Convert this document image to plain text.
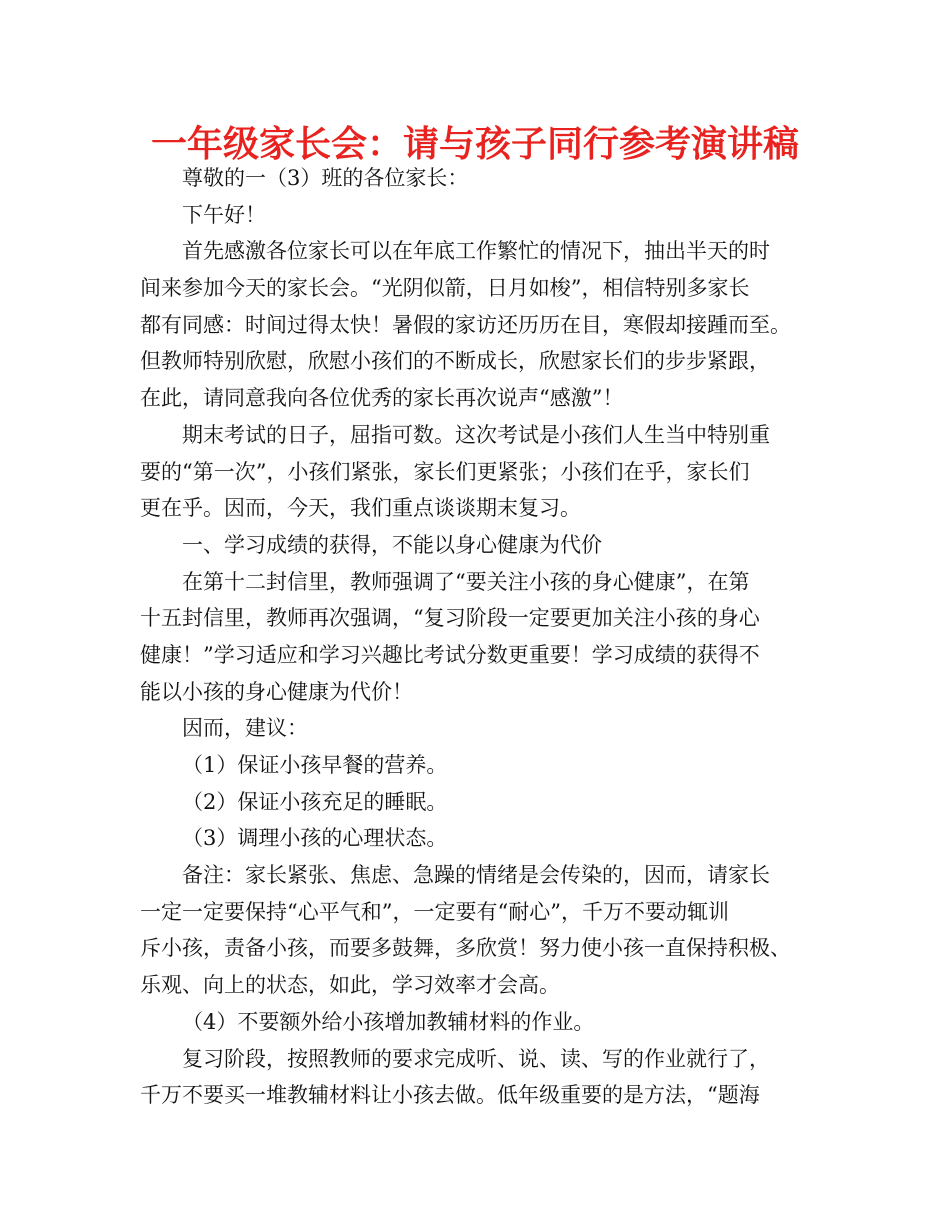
一年级家长会：请与孩子同行参考演讲稿
尊敬的一（3）班的各位家长：
下午好！
首先感激各位家长可以在年底工作繁忙的情况下，抽出半天的时
间来参加今天的家长会。“光阴似箭，日月如梭”，相信特别多家长
都有同感：时间过得太快！暑假的家访还历历在目，寒假却接踵而至。
但教师特别欣慰，欣慰小孩们的不断成长，欣慰家长们的步步紧跟，
在此，请同意我向各位优秀的家长再次说声“感激”！
期末考试的日子，屈指可数。这次考试是小孩们人生当中特别重
要的“第一次”，小孩们紧张，家长们更紧张；小孩们在乎，家长们
更在乎。因而，今天，我们重点谈谈期末复习。
一、学习成绩的获得，不能以身心健康为代价
在第十二封信里，教师强调了“要关注小孩的身心健康”，在第
十五封信里，教师再次强调，“复习阶段一定要更加关注小孩的身心
健康！”学习适应和学习兴趣比考试分数更重要！学习成绩的获得不
能以小孩的身心健康为代价！
因而，建议：
（1）保证小孩早餐的营养。
（2）保证小孩充足的睡眠。
（3）调理小孩的心理状态。
备注：家长紧张、焦虑、急躁的情绪是会传染的，因而，请家长
一定一定要保持“心平气和”，一定要有“耐心”，千万不要动辄训
斥小孩，责备小孩，而要多鼓舞，多欣赏！努力使小孩一直保持积极、
乐观、向上的状态，如此，学习效率才会高。
（4）不要额外给小孩增加教辅材料的作业。
复习阶段，按照教师的要求完成听、说、读、写的作业就行了，
千万不要买一堆教辅材料让小孩去做。低年级重要的是方法，“题海
